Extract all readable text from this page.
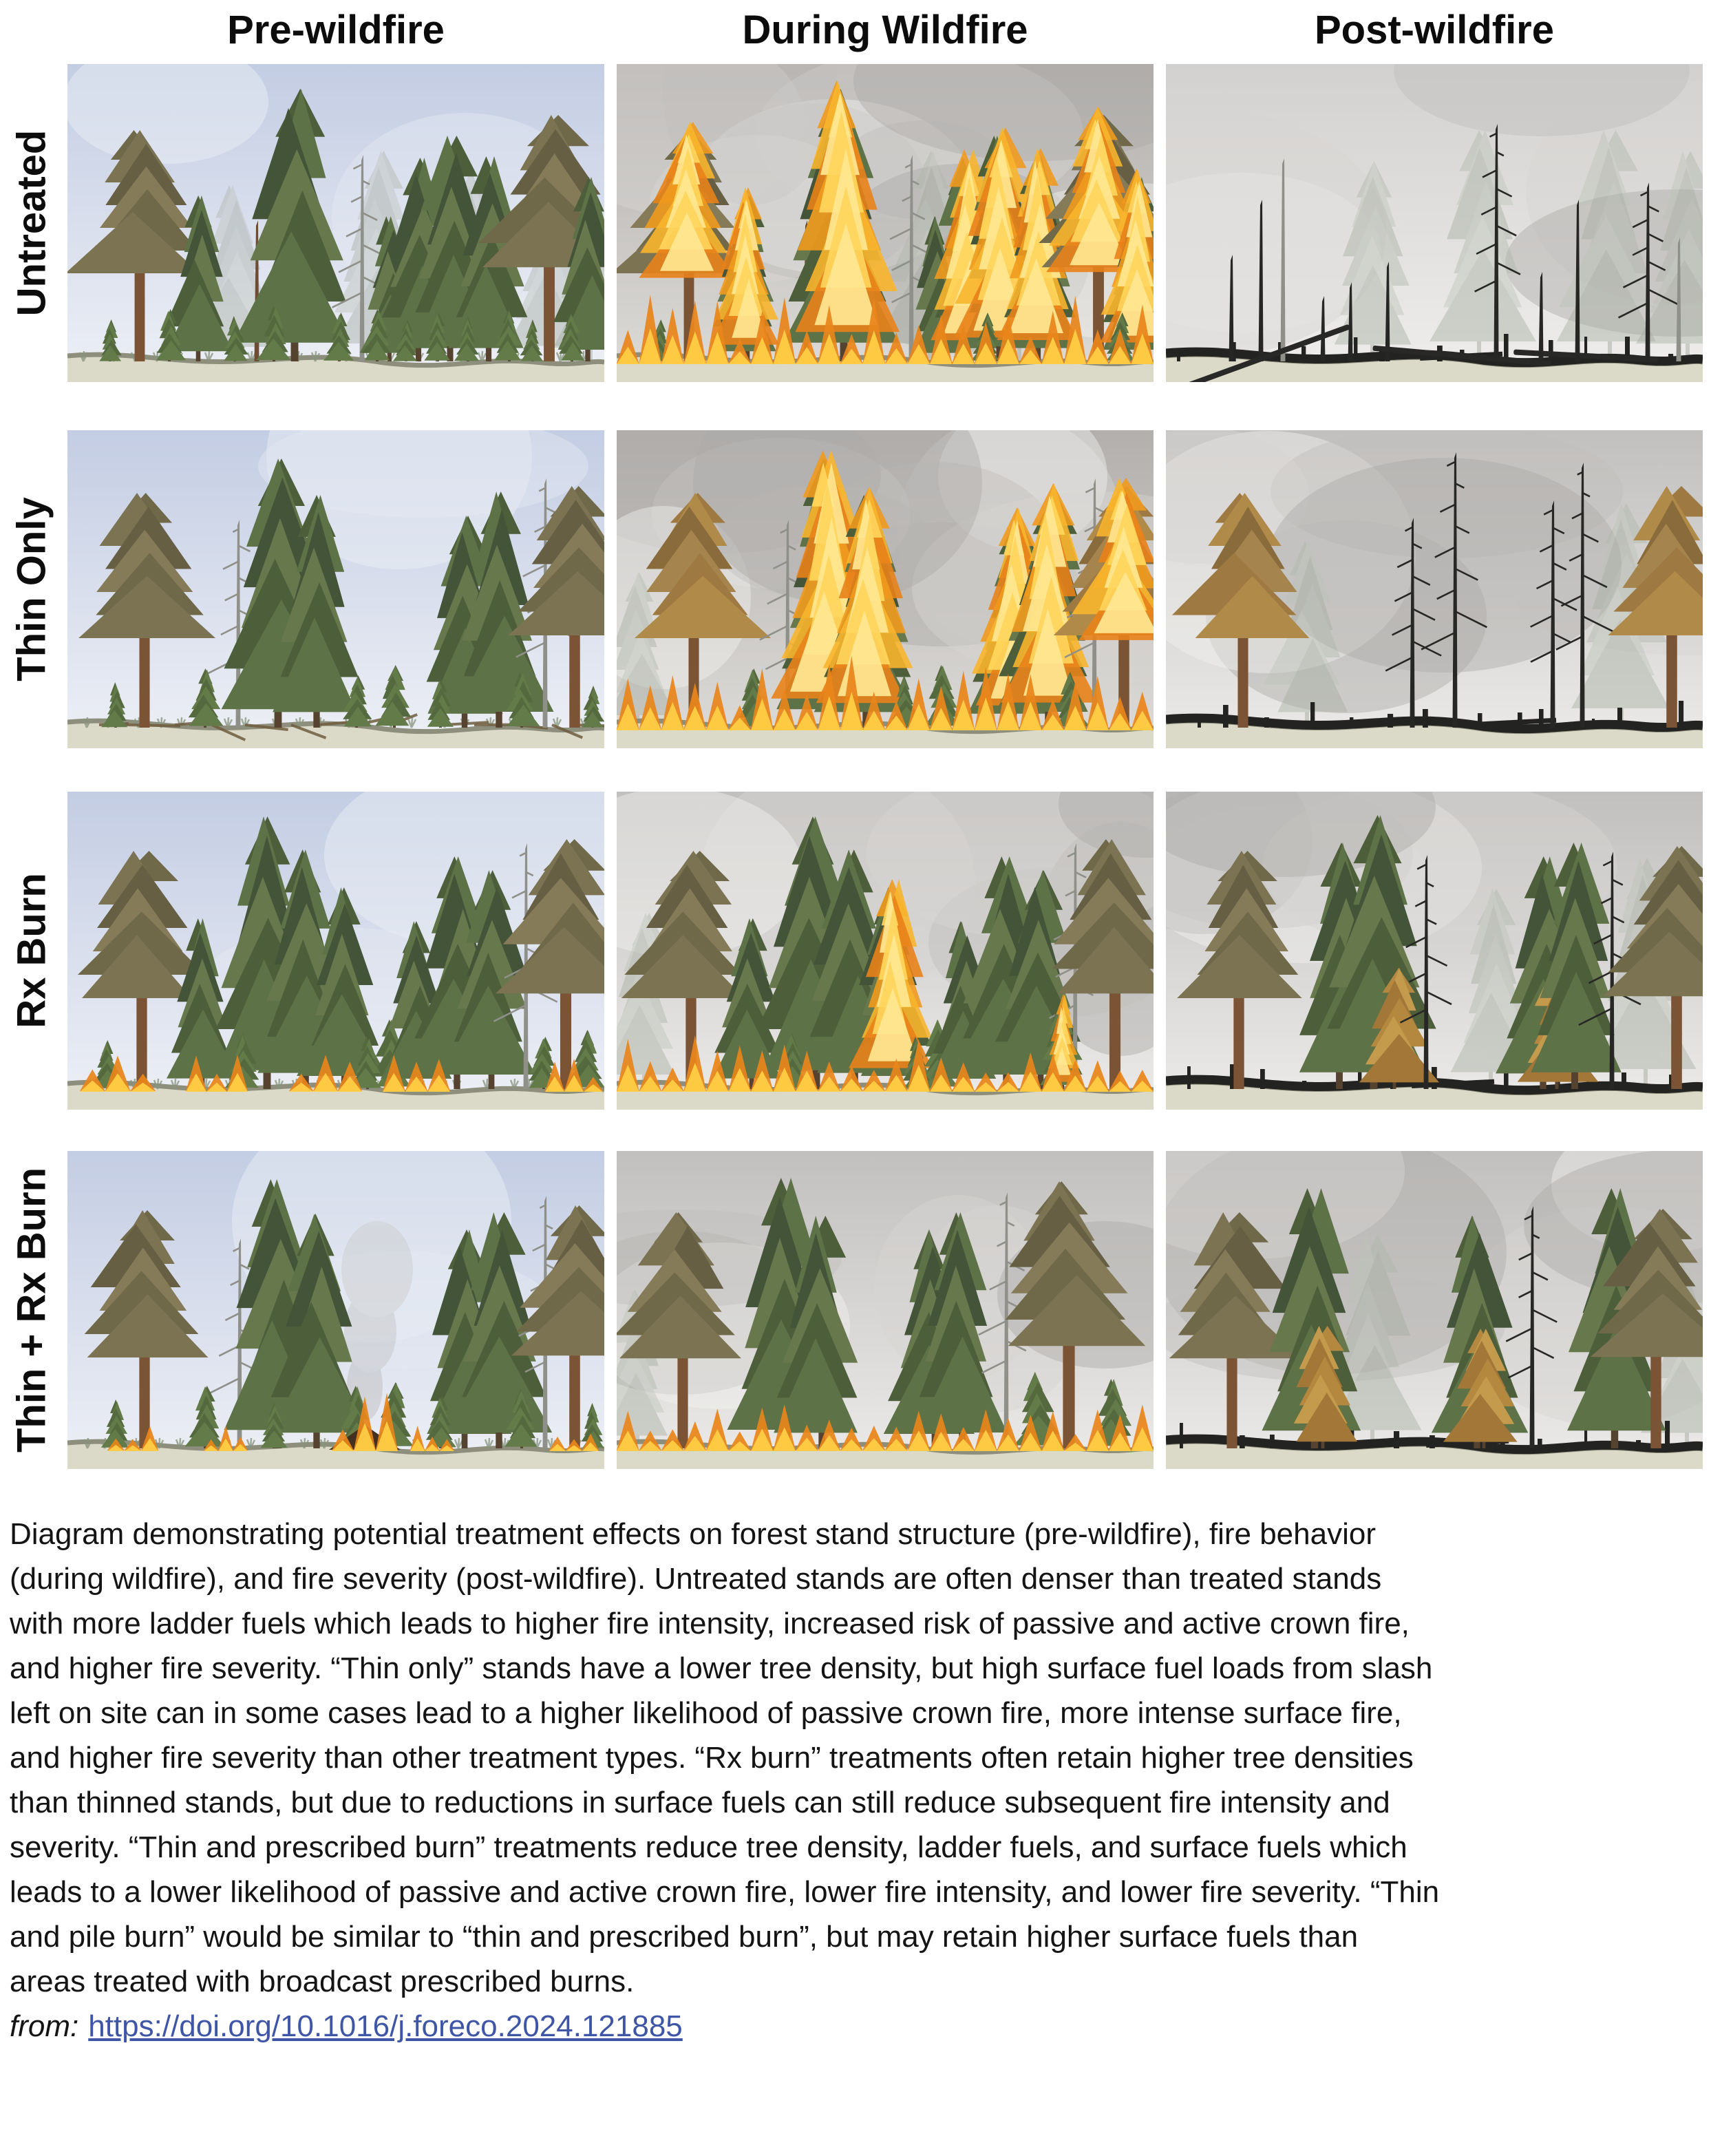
Pre-wildfire	During Wildfire	Post-wildfire
Untreated
Thin Only
Rx Burn
Thin + Rx Burn
Diagram demonstrating potential treatment effects on forest stand structure (pre-wildfire), fire behavior (during wildfire), and fire severity (post-wildfire). Untreated stands are often denser than treated stands with more ladder fuels which leads to higher fire intensity, increased risk of passive and active crown fire, and higher fire severity. “Thin only” stands have a lower tree density, but high surface fuel loads from slash left on site can in some cases lead to a higher likelihood of passive crown fire, more intense surface fire, and higher fire severity than other treatment types. “Rx burn” treatments often retain higher tree densities than thinned stands, but due to reductions in surface fuels can still reduce subsequent fire intensity and severity. “Thin and prescribed burn” treatments reduce tree density, ladder fuels, and surface fuels which leads to a lower likelihood of passive and active crown fire, lower fire intensity, and lower fire severity. “Thin and pile burn” would be similar to “thin and prescribed burn”, but may retain higher surface fuels than areas treated with broadcast prescribed burns.
from: https://doi.org/10.1016/j.foreco.2024.121885
